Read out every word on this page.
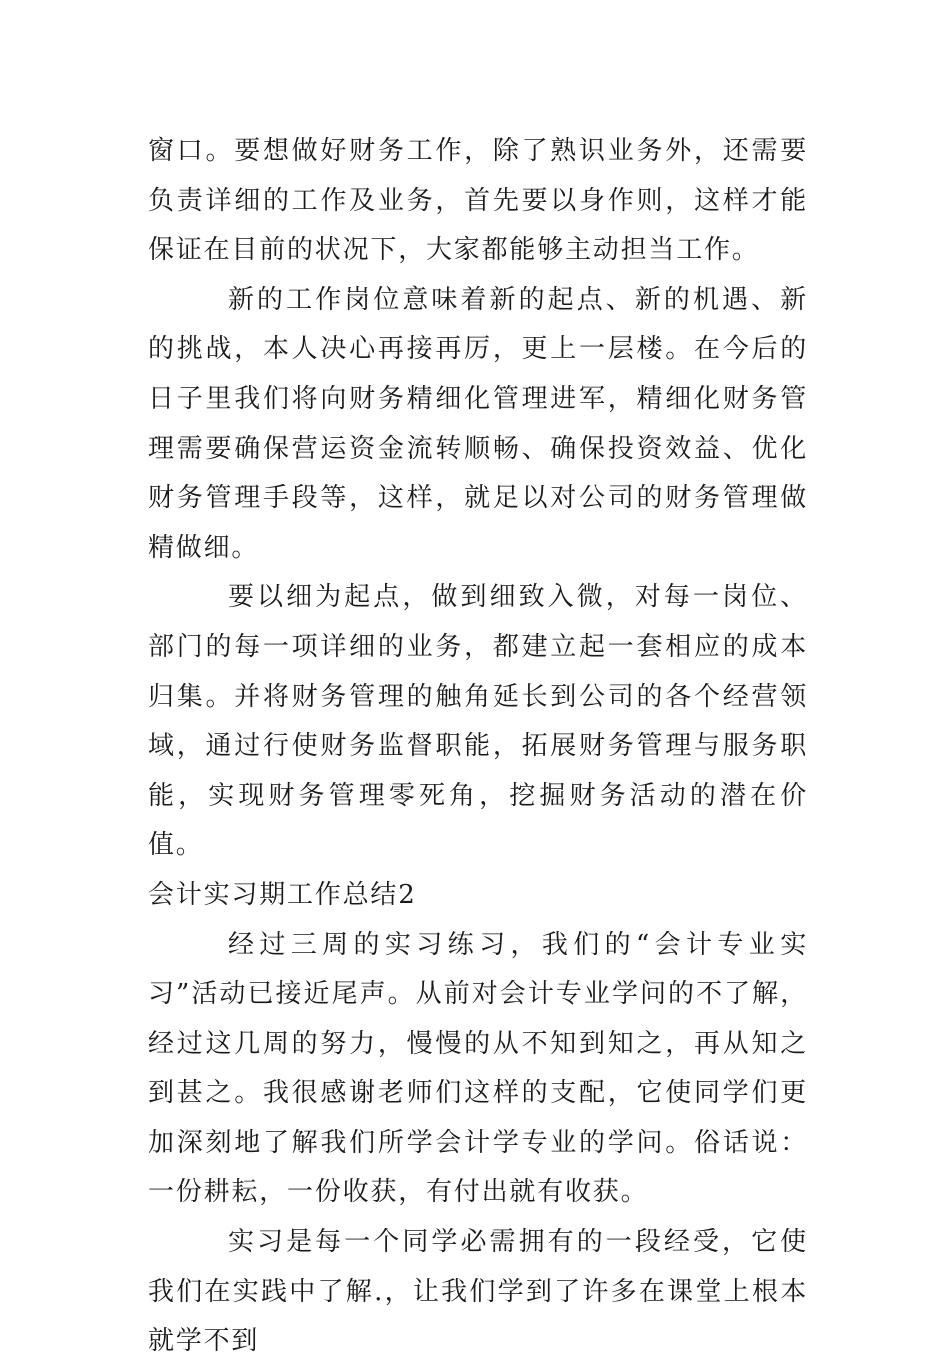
窗口。要想做好财务工作，除了熟识业务外，还需要负责详细的工作及业务，首先要以身作则，这样才能保证在目前的状况下，大家都能够主动担当工作。

新的工作岗位意味着新的起点、新的机遇、新的挑战，本人决心再接再厉，更上一层楼。在今后的日子里我们将向财务精细化管理进军，精细化财务管理需要确保营运资金流转顺畅、确保投资效益、优化财务管理手段等，这样，就足以对公司的财务管理做精做细。

要以细为起点，做到细致入微，对每一岗位、部门的每一项详细的业务，都建立起一套相应的成本归集。并将财务管理的触角延长到公司的各个经营领域，通过行使财务监督职能，拓展财务管理与服务职能，实现财务管理零死角，挖掘财务活动的潜在价值。

会计实习期工作总结2

经过三周的实习练习，我们的“会计专业实习”活动已接近尾声。从前对会计专业学问的不了解，经过这几周的努力，慢慢的从不知到知之，再从知之到甚之。我很感谢老师们这样的支配，它使同学们更加深刻地了解我们所学会计学专业的学问。俗话说：一份耕耘，一份收获，有付出就有收获。

实习是每一个同学必需拥有的一段经受，它使我们在实践中了解.，让我们学到了许多在课堂上根本就学不到
